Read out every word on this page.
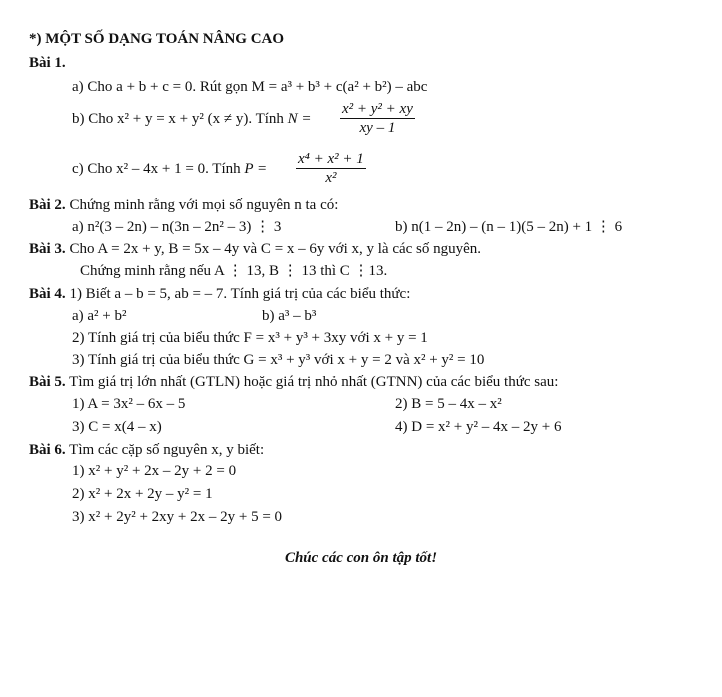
*) MỘT SỐ DẠNG TOÁN NÂNG CAO
Bài 1.
a) Cho a + b + c = 0. Rút gọn M = a³ + b³ + c(a² + b²) – abc
b) Cho x² + y = x + y² (x ≠ y). Tính $N = \frac{\text{x² + y² + xy}}{xy - 1}$
c) Cho x² – 4x + 1 = 0. Tính $P = \frac{\text{x⁴ + x² + 1}}{\text{x²}}$
Bài 2. Chứng minh rằng với mọi số nguyên n ta có:
a) n²(3 – 2n) – n(3n – 2n² – 3) ⋮ 3	b) n(1 – 2n) – (n – 1)(5 – 2n) + 1 ⋮ 6
Bài 3. Cho A = 2x + y, B = 5x – 4y và C = x – 6y với x, y là các số nguyên.
Chứng minh rằng nếu A ⋮ 13, B ⋮ 13 thì C ⋮13.
Bài 4. 1) Biết a – b = 5, ab = – 7. Tính giá trị của các biểu thức:
a) a² + b²	b) a³ – b³
2) Tính giá trị của biểu thức F = x³ + y³ + 3xy với x + y = 1
3) Tính giá trị của biểu thức G = x³ + y³ với x + y = 2 và x² + y² = 10
Bài 5. Tìm giá trị lớn nhất (GTLN) hoặc giá trị nhỏ nhất (GTNN) của các biểu thức sau:
1) A = 3x² – 6x – 5	2) B = 5 – 4x – x²
3) C = x(4 – x)	4) D = x² + y² – 4x – 2y + 6
Bài 6. Tìm các cặp số nguyên x, y biết:
1) x² + y² + 2x – 2y + 2 = 0
2) x² + 2x + 2y – y² = 1
3) x² + 2y² + 2xy + 2x – 2y + 5 = 0
Chúc các con ôn tập tốt!
